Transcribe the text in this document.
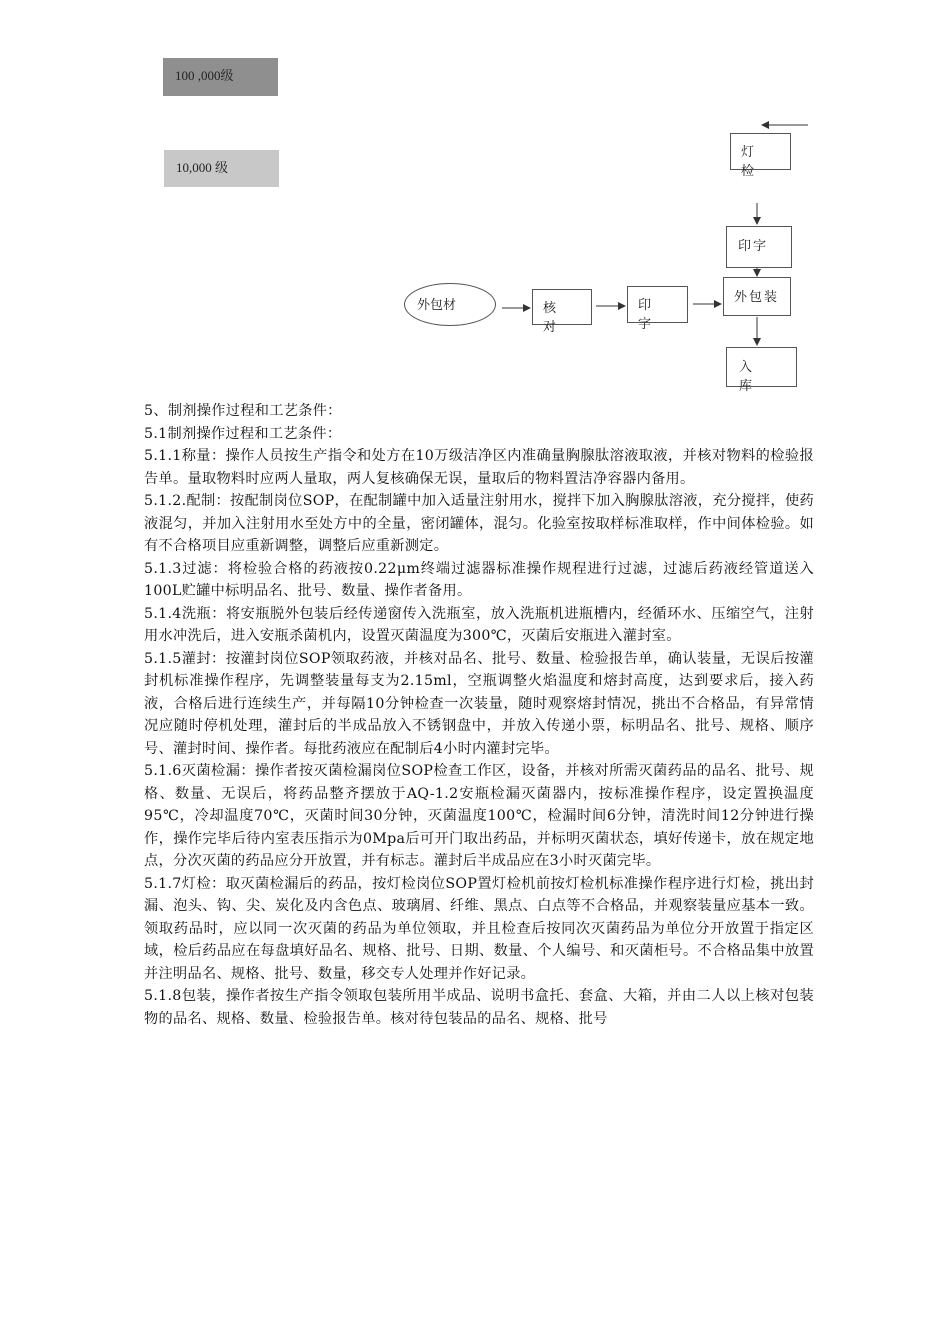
100 ,000级
10,000 级
灯 检
印字
外包装
入 库
外包材	核 对
印 字

5、制剂操作过程和工艺条件：

5.1制剂操作过程和工艺条件：

5.1.1称量：操作人员按生产指令和处方在10万级洁净区内准确量胸腺肽溶液取液，并核对物料的检验报告单。量取物料时应两人量取，两人复核确保无误，量取后的物料置洁净容器内备用。

5.1.2.配制：按配制岗位SOP，在配制罐中加入适量注射用水，搅拌下加入胸腺肽溶液，充分搅拌，使药液混匀，并加入注射用水至处方中的全量，密闭罐体，混匀。化验室按取样标准取样，作中间体检验。如有不合格项目应重新调整，调整后应重新测定。

5.1.3过滤：将检验合格的药液按0.22μm终端过滤器标准操作规程进行过滤，过滤后药液经管道送入100L贮罐中标明品名、批号、数量、操作者备用。

5.1.4洗瓶：将安瓶脱外包装后经传递窗传入洗瓶室，放入洗瓶机进瓶槽内，经循环水、压缩空气，注射用水冲洗后，进入安瓶杀菌机内，设置灭菌温度为300℃，灭菌后安瓶进入灌封室。

5.1.5灌封：按灌封岗位SOP领取药液，并核对品名、批号、数量、检验报告单，确认装量，无误后按灌封机标准操作程序，先调整装量每支为2.15ml，空瓶调整火焰温度和熔封高度，达到要求后，接入药液，合格后进行连续生产，并每隔10分钟检查一次装量，随时观察熔封情况，挑出不合格品，有异常情况应随时停机处理，灌封后的半成品放入不锈钢盘中，并放入传递小票，标明品名、批号、规格、顺序号、灌封时间、操作者。每批药液应在配制后4小时内灌封完毕。

5.1.6灭菌检漏：操作者按灭菌检漏岗位SOP检查工作区，设备，并核对所需灭菌药品的品名、批号、规格、数量、无误后，将药品整齐摆放于AQ-1.2安瓶检漏灭菌器内，按标准操作程序，设定置换温度95℃，冷却温度70℃，灭菌时间30分钟，灭菌温度100℃，检漏时间6分钟，清洗时间12分钟进行操作，操作完毕后待内室表压指示为0Mpa后可开门取出药品，并标明灭菌状态，填好传递卡，放在规定地点，分次灭菌的药品应分开放置，并有标志。灌封后半成品应在3小时灭菌完毕。

5.1.7灯检：取灭菌检漏后的药品，按灯检岗位SOP置灯检机前按灯检机标准操作程序进行灯检，挑出封漏、泡头、钩、尖、炭化及内含色点、玻璃屑、纤维、黑点、白点等不合格品，并观察装量应基本一致。领取药品时，应以同一次灭菌的药品为单位领取，并且检查后按同次灭菌药品为单位分开放置于指定区域，检后药品应在每盘填好品名、规格、批号、日期、数量、个人编号、和灭菌柜号。不合格品集中放置并注明品名、规格、批号、数量，移交专人处理并作好记录。

5.1.8包装，操作者按生产指令领取包装所用半成品、说明书盒托、套盒、大箱，并由二人以上核对包装物的品名、规格、数量、检验报告单。核对待包装品的品名、规格、批号
